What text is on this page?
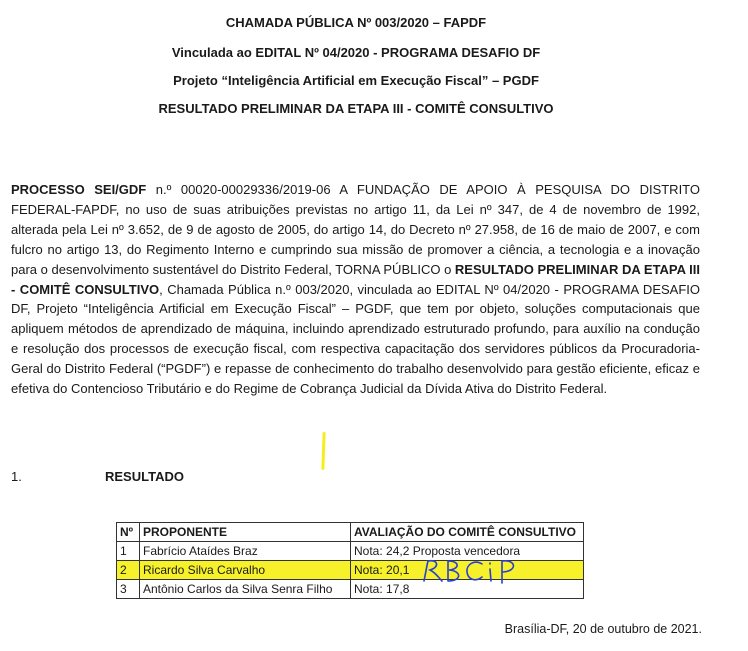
CHAMADA PÚBLICA Nº 003/2020 – FAPDF
Vinculada ao EDITAL Nº 04/2020 - PROGRAMA DESAFIO DF
Projeto “Inteligência Artificial em Execução Fiscal” – PGDF
RESULTADO PRELIMINAR DA ETAPA III - COMITÊ CONSULTIVO
PROCESSO SEI/GDF n.º 00020-00029336/2019-06 A FUNDAÇÃO DE APOIO À PESQUISA DO DISTRITO FEDERAL-FAPDF, no uso de suas atribuições previstas no artigo 11, da Lei nº 347, de 4 de novembro de 1992, alterada pela Lei nº 3.652, de 9 de agosto de 2005, do artigo 14, do Decreto nº 27.958, de 16 de maio de 2007, e com fulcro no artigo 13, do Regimento Interno e cumprindo sua missão de promover a ciência, a tecnologia e a inovação para o desenvolvimento sustentável do Distrito Federal, TORNA PÚBLICO o RESULTADO PRELIMINAR DA ETAPA III - COMITÊ CONSULTIVO, Chamada Pública n.º 003/2020, vinculada ao EDITAL Nº 04/2020 - PROGRAMA DESAFIO DF, Projeto “Inteligência Artificial em Execução Fiscal” – PGDF, que tem por objeto, soluções computacionais que apliquem métodos de aprendizado de máquina, incluindo aprendizado estruturado profundo, para auxílio na condução e resolução dos processos de execução fiscal, com respectiva capacitação dos servidores públicos da Procuradoria-Geral do Distrito Federal (“PGDF”) e repasse de conhecimento do trabalho desenvolvido para gestão eficiente, eficaz e efetiva do Contencioso Tributário e do Regime de Cobrança Judicial da Dívida Ativa do Distrito Federal.
1.	RESULTADO
Nº	PROPONENTE	AVALIAÇÃO DO COMITÊ CONSULTIVO
1	Fabrício Ataídes Braz	Nota: 24,2 Proposta vencedora
2	Ricardo Silva Carvalho	Nota: 20,1
3	Antônio Carlos da Silva Senra Filho	Nota: 17,8
Brasília-DF, 20 de outubro de 2021.
